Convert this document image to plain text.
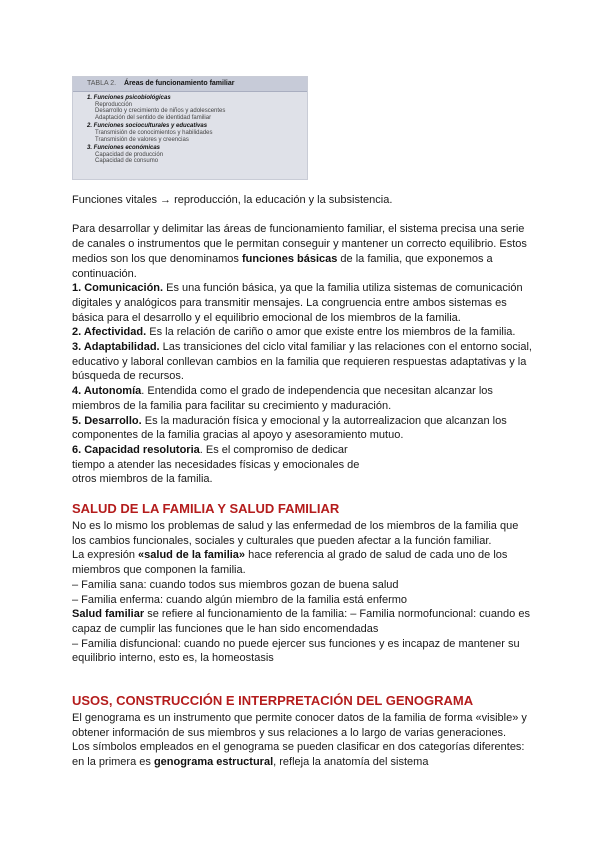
TABLA 2. Áreas de funcionamiento familiar
1. Funciones psicobiológicas
Reproducción
Desarrollo y crecimiento de niños y adolescentes
Adaptación del sentido de identidad familiar
2. Funciones socioculturales y educativas
Transmisión de conocimientos y habilidades
Transmisión de valores y creencias
3. Funciones económicas
Capacidad de producción
Capacidad de consumo

Funciones vitales → reproducción, la educación y la subsistencia.

Para desarrollar y delimitar las áreas de funcionamiento familiar, el sistema precisa una serie de canales o instrumentos que le permitan conseguir y mantener un correcto equilibrio. Estos medios son los que denominamos funciones básicas de la familia, que exponemos a continuación.

1. Comunicación. Es una función básica, ya que la familia utiliza sistemas de comunicación digitales y analógicos para transmitir mensajes. La congruencia entre ambos sistemas es básica para el desarrollo y el equilibrio emocional de los miembros de la familia.

2. Afectividad. Es la relación de cariño o amor que existe entre los miembros de la familia.

3. Adaptabilidad. Las transiciones del ciclo vital familiar y las relaciones con el entorno social, educativo y laboral conllevan cambios en la familia que requieren respuestas adaptativas y la búsqueda de recursos.

4. Autonomía. Entendida como el grado de independencia que necesitan alcanzar los miembros de la familia para facilitar su crecimiento y maduración.

5. Desarrollo. Es la maduración física y emocional y la autorrealizacion que alcanzan los componentes de la familia gracias al apoyo y asesoramiento mutuo.

6. Capacidad resolutoria. Es el compromiso de dedicar
tiempo a atender las necesidades físicas y emocionales de
otros miembros de la familia.

SALUD DE LA FAMILIA Y SALUD FAMILIAR

No es lo mismo los problemas de salud y las enfermedad de los miembros de la familia que los cambios funcionales, sociales y culturales que pueden afectar a la función familiar.

La expresión «salud de la familia» hace referencia al grado de salud de cada uno de los miembros que componen la familia.

– Familia sana: cuando todos sus miembros gozan de buena salud

– Familia enferma: cuando algún miembro de la familia está enfermo

Salud familiar se refiere al funcionamiento de la familia: – Familia normofuncional: cuando es capaz de cumplir las funciones que le han sido encomendadas

– Familia disfuncional: cuando no puede ejercer sus funciones y es incapaz de mantener su equilibrio interno, esto es, la homeostasis

USOS, CONSTRUCCIÓN E INTERPRETACIÓN DEL GENOGRAMA

El genograma es un instrumento que permite conocer datos de la familia de forma «visible» y obtener información de sus miembros y sus relaciones a lo largo de varias generaciones.

Los símbolos empleados en el genograma se pueden clasificar en dos categorías diferentes: en la primera es genograma estructural, refleja la anatomía del sistema
